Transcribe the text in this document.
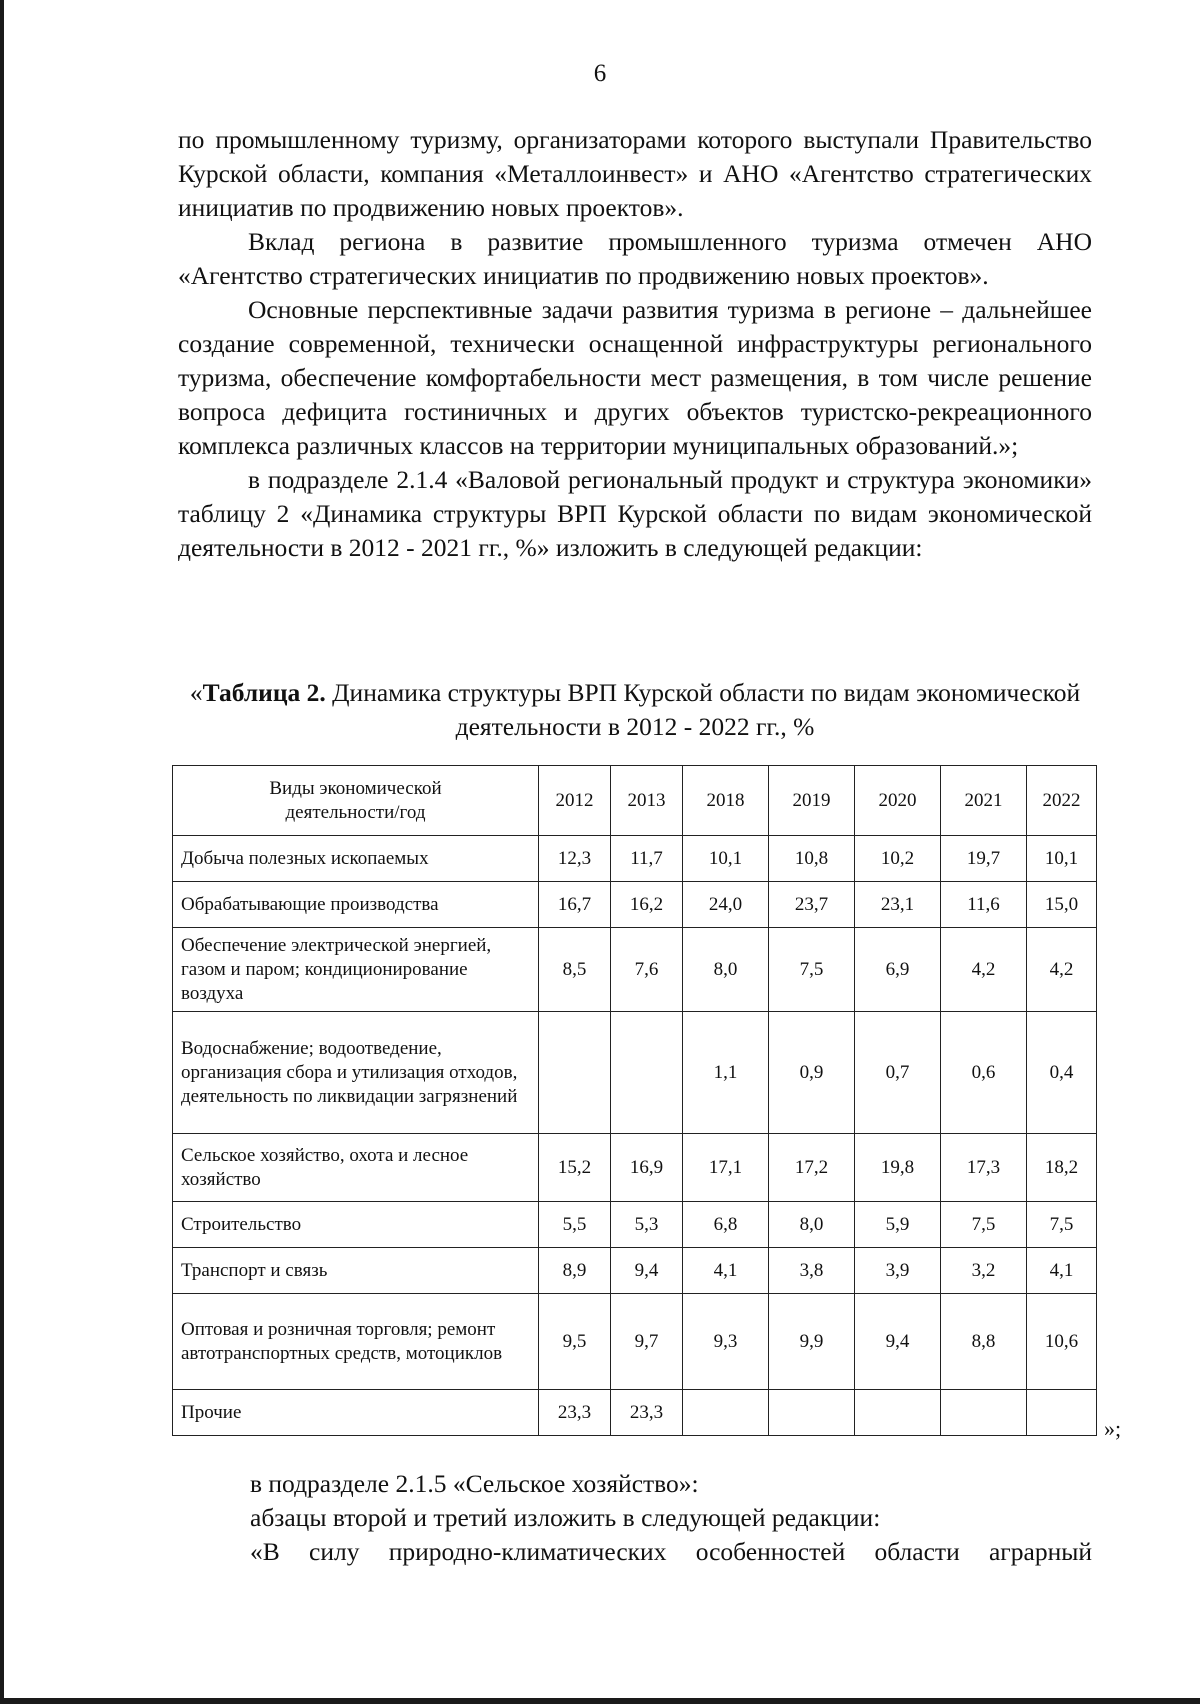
6

по промышленному туризму, организаторами которого выступали Правительство Курской области, компания «Металлоинвест» и АНО «Агентство стратегических инициатив по продвижению новых проектов».

Вклад региона в развитие промышленного туризма отмечен АНО «Агентство стратегических инициатив по продвижению новых проектов».

Основные перспективные задачи развития туризма в регионе – дальнейшее создание современной, технически оснащенной инфраструктуры регионального туризма, обеспечение комфортабельности мест размещения, в том числе решение вопроса дефицита гостиничных и других объектов туристско-рекреационного комплекса различных классов на территории муниципальных образований.»;

в подразделе 2.1.4 «Валовой региональный продукт и структура экономики» таблицу 2 «Динамика структуры ВРП Курской области по видам экономической деятельности в 2012 - 2021 гг., %» изложить в следующей редакции:

«Таблица 2. Динамика структуры ВРП Курской области по видам экономической деятельности в 2012 - 2022 гг., %
Виды экономической деятельности/год	2012	2013	2018	2019	2020	2021	2022
Добыча полезных ископаемых	12,3	11,7	10,1	10,8	10,2	19,7	10,1
Обрабатывающие производства	16,7	16,2	24,0	23,7	23,1	11,6	15,0
Обеспечение электрической энергией, газом и паром; кондиционирование воздуха	8,5	7,6	8,0	7,5	6,9	4,2	4,2
Водоснабжение; водоотведение, организация сбора и утилизация отходов, деятельность по ликвидации загрязнений			1,1	0,9	0,7	0,6	0,4
Сельское хозяйство, охота и лесное хозяйство	15,2	16,9	17,1	17,2	19,8	17,3	18,2
Строительство	5,5	5,3	6,8	8,0	5,9	7,5	7,5
Транспорт и связь	8,9	9,4	4,1	3,8	3,9	3,2	4,1
Оптовая и розничная торговля; ремонт автотранспортных средств, мотоциклов	9,5	9,7	9,3	9,9	9,4	8,8	10,6
Прочие	23,3	23,3					
»;

в подразделе 2.1.5 «Сельское хозяйство»:

абзацы второй и третий изложить в следующей редакции:

«В силу природно-климатических особенностей области аграрный
